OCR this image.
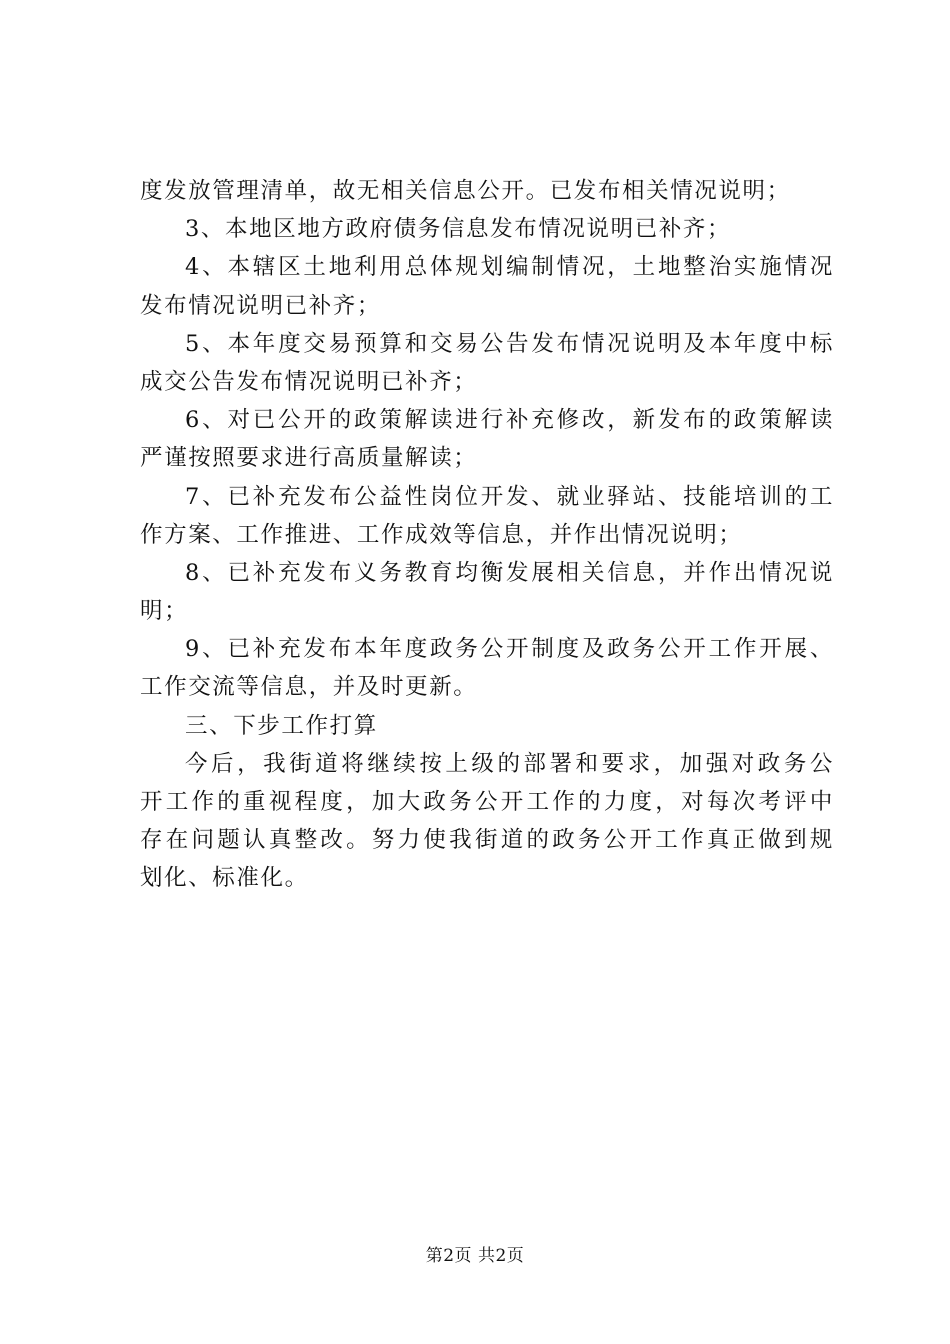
度发放管理清单，故无相关信息公开。已发布相关情况说明；
3、本地区地方政府债务信息发布情况说明已补齐；
4、本辖区土地利用总体规划编制情况，土地整治实施情况
发布情况说明已补齐；
5、本年度交易预算和交易公告发布情况说明及本年度中标
成交公告发布情况说明已补齐；
6、对已公开的政策解读进行补充修改，新发布的政策解读
严谨按照要求进行高质量解读；
7、已补充发布公益性岗位开发、就业驿站、技能培训的工
作方案、工作推进、工作成效等信息，并作出情况说明；
8、已补充发布义务教育均衡发展相关信息，并作出情况说
明；
9、已补充发布本年度政务公开制度及政务公开工作开展、
工作交流等信息，并及时更新。
三、下步工作打算
今后，我街道将继续按上级的部署和要求，加强对政务公
开工作的重视程度，加大政务公开工作的力度，对每次考评中
存在问题认真整改。努力使我街道的政务公开工作真正做到规
划化、标准化。
第2页 共2页
